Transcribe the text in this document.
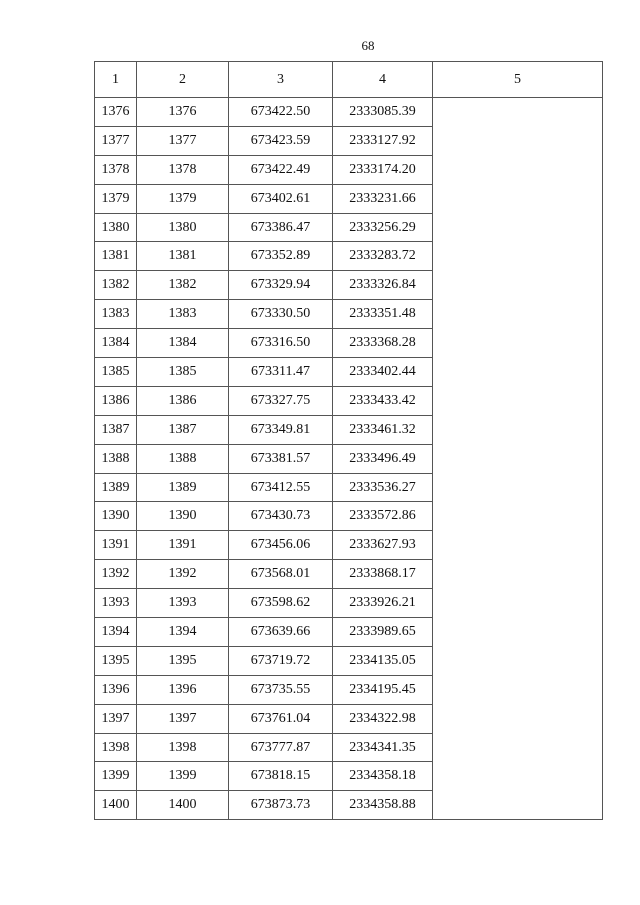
68
1	2	3	4	5
1376	1376	673422.50	2333085.39	
1377	1377	673423.59	2333127.92	
1378	1378	673422.49	2333174.20	
1379	1379	673402.61	2333231.66	
1380	1380	673386.47	2333256.29	
1381	1381	673352.89	2333283.72	
1382	1382	673329.94	2333326.84	
1383	1383	673330.50	2333351.48	
1384	1384	673316.50	2333368.28	
1385	1385	673311.47	2333402.44	
1386	1386	673327.75	2333433.42	
1387	1387	673349.81	2333461.32	
1388	1388	673381.57	2333496.49	
1389	1389	673412.55	2333536.27	
1390	1390	673430.73	2333572.86	
1391	1391	673456.06	2333627.93	
1392	1392	673568.01	2333868.17	
1393	1393	673598.62	2333926.21	
1394	1394	673639.66	2333989.65	
1395	1395	673719.72	2334135.05	
1396	1396	673735.55	2334195.45	
1397	1397	673761.04	2334322.98	
1398	1398	673777.87	2334341.35	
1399	1399	673818.15	2334358.18	
1400	1400	673873.73	2334358.88	
